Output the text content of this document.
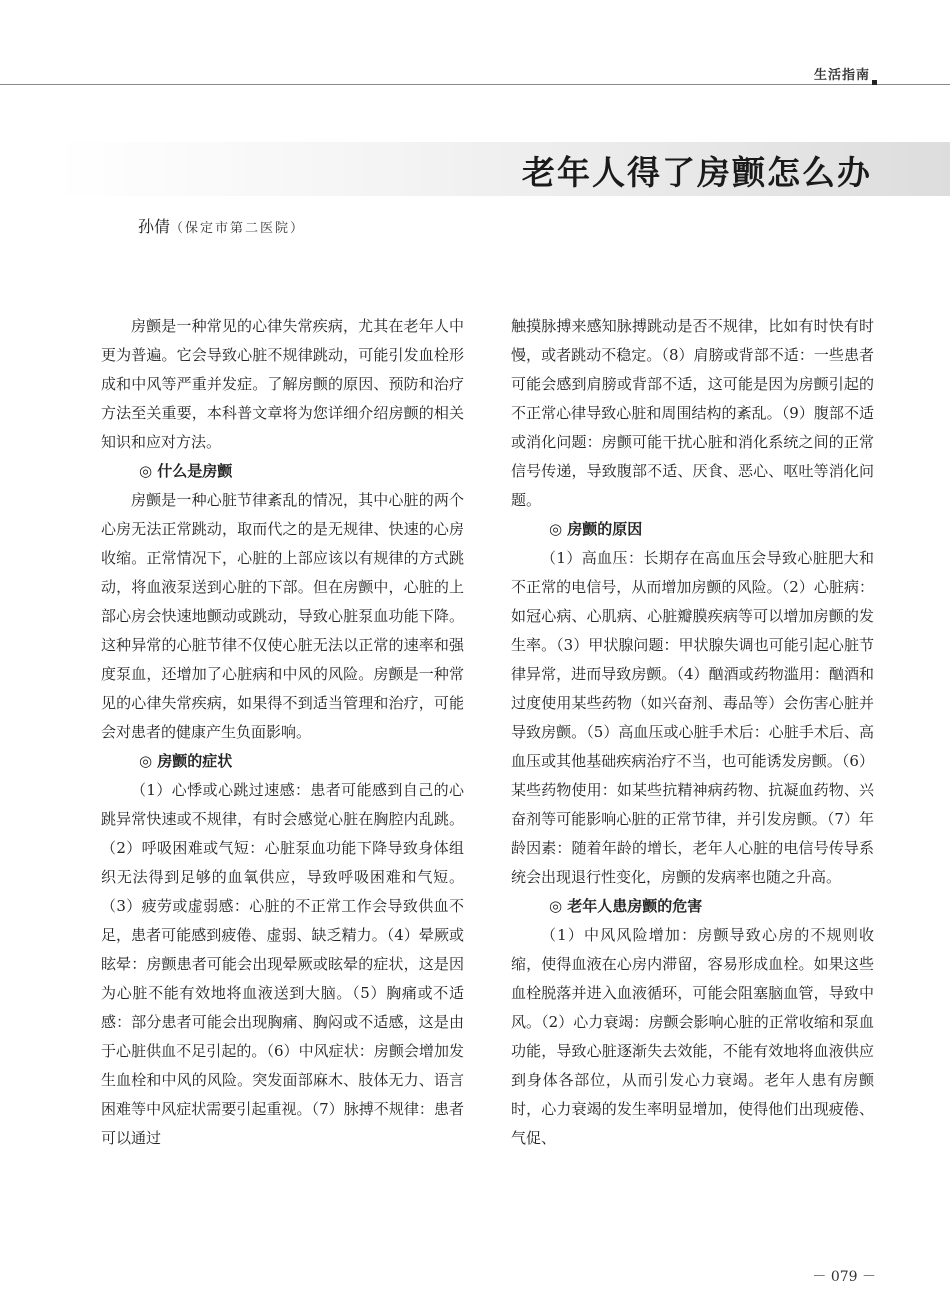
生活指南
老年人得了房颤怎么办
孙倩（保定市第二医院）

房颤是一种常见的心律失常疾病，尤其在老年人中更为普遍。它会导致心脏不规律跳动，可能引发血栓形成和中风等严重并发症。了解房颤的原因、预防和治疗方法至关重要，本科普文章将为您详细介绍房颤的相关知识和应对方法。

◎ 什么是房颤

房颤是一种心脏节律紊乱的情况，其中心脏的两个心房无法正常跳动，取而代之的是无规律、快速的心房收缩。正常情况下，心脏的上部应该以有规律的方式跳动，将血液泵送到心脏的下部。但在房颤中，心脏的上部心房会快速地颤动或跳动，导致心脏泵血功能下降。这种异常的心脏节律不仅使心脏无法以正常的速率和强度泵血，还增加了心脏病和中风的风险。房颤是一种常见的心律失常疾病，如果得不到适当管理和治疗，可能会对患者的健康产生负面影响。

◎ 房颤的症状

（1）心悸或心跳过速感：患者可能感到自己的心跳异常快速或不规律，有时会感觉心脏在胸腔内乱跳。（2）呼吸困难或气短：心脏泵血功能下降导致身体组织无法得到足够的血氧供应，导致呼吸困难和气短。（3）疲劳或虚弱感：心脏的不正常工作会导致供血不足，患者可能感到疲倦、虚弱、缺乏精力。（4）晕厥或眩晕：房颤患者可能会出现晕厥或眩晕的症状，这是因为心脏不能有效地将血液送到大脑。（5）胸痛或不适感：部分患者可能会出现胸痛、胸闷或不适感，这是由于心脏供血不足引起的。（6）中风症状：房颤会增加发生血栓和中风的风险。突发面部麻木、肢体无力、语言困难等中风症状需要引起重视。（7）脉搏不规律：患者可以通过

触摸脉搏来感知脉搏跳动是否不规律，比如有时快有时慢，或者跳动不稳定。（8）肩膀或背部不适：一些患者可能会感到肩膀或背部不适，这可能是因为房颤引起的不正常心律导致心脏和周围结构的紊乱。（9）腹部不适或消化问题：房颤可能干扰心脏和消化系统之间的正常信号传递，导致腹部不适、厌食、恶心、呕吐等消化问题。

◎ 房颤的原因

（1）高血压：长期存在高血压会导致心脏肥大和不正常的电信号，从而增加房颤的风险。（2）心脏病：如冠心病、心肌病、心脏瓣膜疾病等可以增加房颤的发生率。（3）甲状腺问题：甲状腺失调也可能引起心脏节律异常，进而导致房颤。（4）酗酒或药物滥用：酗酒和过度使用某些药物（如兴奋剂、毒品等）会伤害心脏并导致房颤。（5）高血压或心脏手术后：心脏手术后、高血压或其他基础疾病治疗不当，也可能诱发房颤。（6）某些药物使用：如某些抗精神病药物、抗凝血药物、兴奋剂等可能影响心脏的正常节律，并引发房颤。（7）年龄因素：随着年龄的增长，老年人心脏的电信号传导系统会出现退行性变化，房颤的发病率也随之升高。

◎ 老年人患房颤的危害

（1）中风风险增加：房颤导致心房的不规则收缩，使得血液在心房内滞留，容易形成血栓。如果这些血栓脱落并进入血液循环，可能会阻塞脑血管，导致中风。（2）心力衰竭：房颤会影响心脏的正常收缩和泵血功能，导致心脏逐渐失去效能，不能有效地将血液供应到身体各部位，从而引发心力衰竭。老年人患有房颤时，心力衰竭的发生率明显增加，使得他们出现疲倦、气促、

－ 079 －
